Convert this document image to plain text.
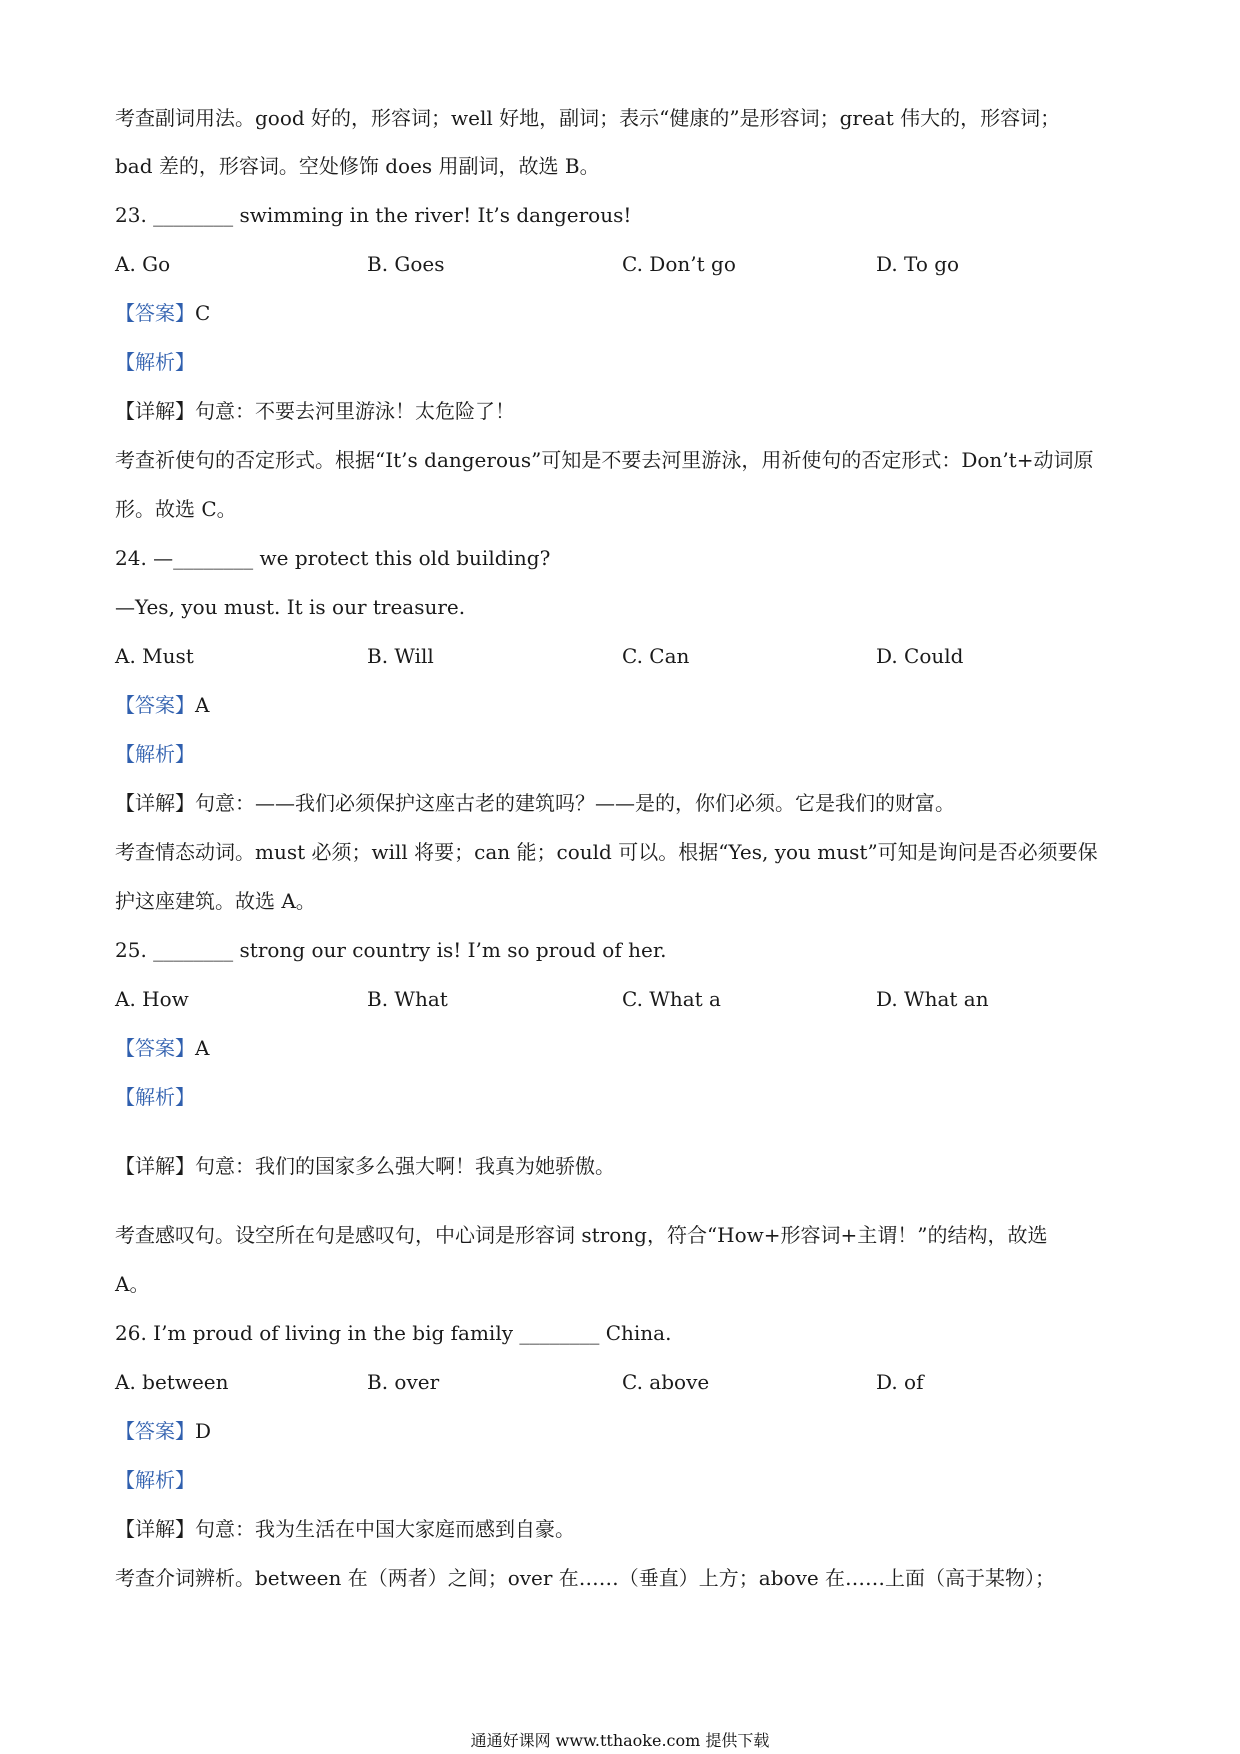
考查副词用法。good 好的，形容词；well 好地，副词；表示“健康的”是形容词；great 伟大的，形容词；
bad 差的，形容词。空处修饰 does 用副词，故选 B。
23. ________ swimming in the river! It’s dangerous!
A. Go	B. Goes	C. Don’t go	D. To go
【答案】C
【解析】
【详解】句意：不要去河里游泳！太危险了！
考查祈使句的否定形式。根据“It’s dangerous”可知是不要去河里游泳，用祈使句的否定形式：Don’t+动词原
形。故选 C。
24. —________ we protect this old building?
—Yes, you must. It is our treasure.
A. Must	B. Will	C. Can	D. Could
【答案】A
【解析】
【详解】句意：——我们必须保护这座古老的建筑吗？——是的，你们必须。它是我们的财富。
考查情态动词。must 必须；will 将要；can 能；could 可以。根据“Yes, you must”可知是询问是否必须要保
护这座建筑。故选 A。
25. ________ strong our country is! I’m so proud of her.
A. How	B. What	C. What a	D. What an
【答案】A
【解析】
【详解】句意：我们的国家多么强大啊！我真为她骄傲。
考查感叹句。设空所在句是感叹句，中心词是形容词 strong，符合“How+形容词+主谓！”的结构，故选
A。
26. I’m proud of living in the big family ________ China.
A. between	B. over	C. above	D. of
【答案】D
【解析】
【详解】句意：我为生活在中国大家庭而感到自豪。
考查介词辨析。between 在（两者）之间；over 在……（垂直）上方；above 在……上面（高于某物）；
通通好课网 www.tthaoke.com 提供下载
